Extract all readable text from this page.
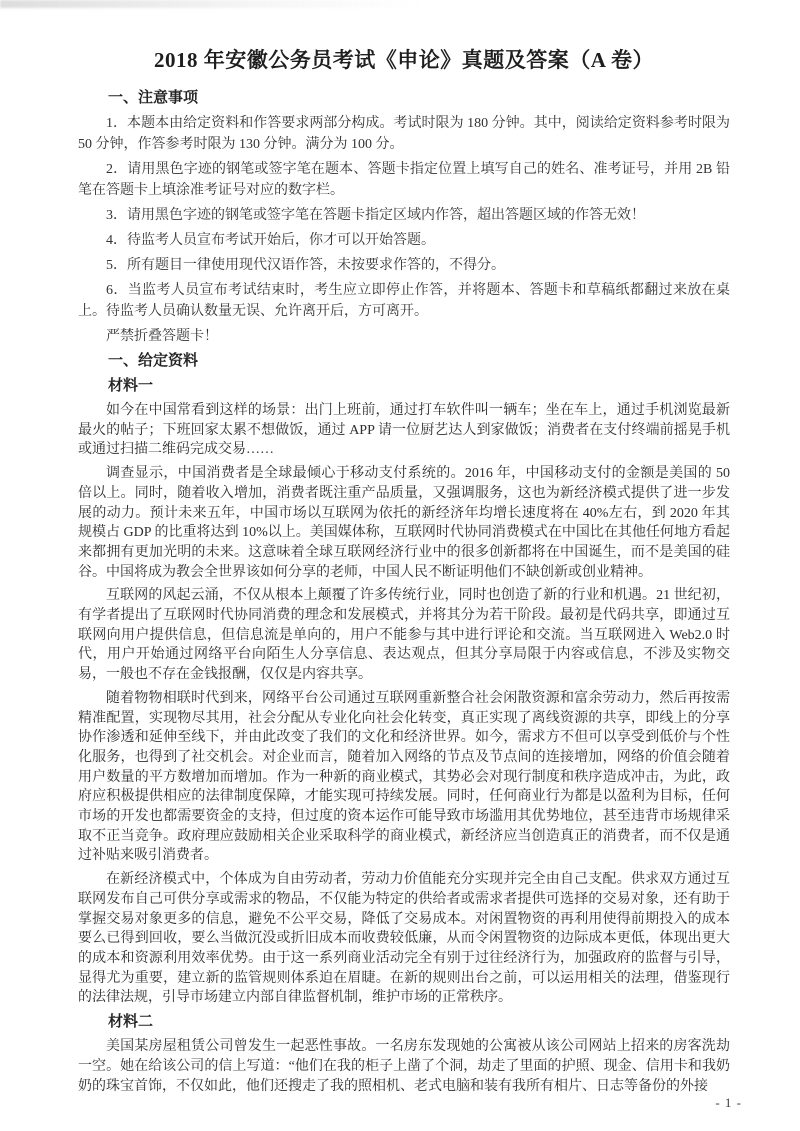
2018 年安徽公务员考试《申论》真题及答案（A 卷）
一、注意事项

1．本题本由给定资料和作答要求两部分构成。考试时限为 180 分钟。其中，阅读给定资料参考时限为 50 分钟，作答参考时限为 130 分钟。满分为 100 分。

2．请用黑色字迹的钢笔或签字笔在题本、答题卡指定位置上填写自己的姓名、准考证号，并用 2B 铅笔在答题卡上填涂准考证号对应的数字栏。

3．请用黑色字迹的钢笔或签字笔在答题卡指定区域内作答，超出答题区域的作答无效！

4．待监考人员宣布考试开始后，你才可以开始答题。

5．所有题目一律使用现代汉语作答，未按要求作答的，不得分。

6．当监考人员宣布考试结束时，考生应立即停止作答，并将题本、答题卡和草稿纸都翻过来放在桌上。待监考人员确认数量无误、允许离开后，方可离开。

严禁折叠答题卡！

一、给定资料
材料一

如今在中国常看到这样的场景：出门上班前，通过打车软件叫一辆车；坐在车上，通过手机浏览最新最火的帖子；下班回家太累不想做饭，通过 APP 请一位厨艺达人到家做饭；消费者在支付终端前摇晃手机或通过扫描二维码完成交易……

调查显示，中国消费者是全球最倾心于移动支付系统的。2016 年，中国移动支付的金额是美国的 50 倍以上。同时，随着收入增加，消费者既注重产品质量，又强调服务，这也为新经济模式提供了进一步发展的动力。预计未来五年，中国市场以互联网为依托的新经济年均增长速度将在 40%左右，到 2020 年其规模占 GDP 的比重将达到 10%以上。美国媒体称，互联网时代协同消费模式在中国比在其他任何地方看起来都拥有更加光明的未来。这意味着全球互联网经济行业中的很多创新都将在中国诞生，而不是美国的硅谷。中国将成为教会全世界该如何分享的老师，中国人民不断证明他们不缺创新或创业精神。

互联网的风起云涌，不仅从根本上颠覆了许多传统行业，同时也创造了新的行业和机遇。21 世纪初，有学者提出了互联网时代协同消费的理念和发展模式，并将其分为若干阶段。最初是代码共享，即通过互联网向用户提供信息，但信息流是单向的，用户不能参与其中进行评论和交流。当互联网进入 Web2.0 时代，用户开始通过网络平台向陌生人分享信息、表达观点，但其分享局限于内容或信息，不涉及实物交易，一般也不存在金钱报酬，仅仅是内容共享。

随着物物相联时代到来，网络平台公司通过互联网重新整合社会闲散资源和富余劳动力，然后再按需精准配置，实现物尽其用，社会分配从专业化向社会化转变，真正实现了离线资源的共享，即线上的分享协作渗透和延伸至线下，并由此改变了我们的文化和经济世界。如今，需求方不但可以享受到低价与个性化服务，也得到了社交机会。对企业而言，随着加入网络的节点及节点间的连接增加，网络的价值会随着用户数量的平方数增加而增加。作为一种新的商业模式，其势必会对现行制度和秩序造成冲击，为此，政府应积极提供相应的法律制度保障，才能实现可持续发展。同时，任何商业行为都是以盈利为目标，任何市场的开发也都需要资金的支持，但过度的资本运作可能导致市场滥用其优势地位，甚至违背市场规律采取不正当竞争。政府理应鼓励相关企业采取科学的商业模式，新经济应当创造真正的消费者，而不仅是通过补贴来吸引消费者。

在新经济模式中，个体成为自由劳动者，劳动力价值能充分实现并完全由自己支配。供求双方通过互联网发布自己可供分享或需求的物品，不仅能为特定的供给者或需求者提供可选择的交易对象，还有助于掌握交易对象更多的信息，避免不公平交易，降低了交易成本。对闲置物资的再利用使得前期投入的成本要么已得到回收，要么当做沉没或折旧成本而收费较低廉，从而令闲置物资的边际成本更低，体现出更大的成本和资源利用效率优势。由于这一系列商业活动完全有别于过往经济行为，加强政府的监督与引导，显得尤为重要，建立新的监管规则体系迫在眉睫。在新的规则出台之前，可以运用相关的法理，借鉴现行的法律法规，引导市场建立内部自律监督机制，维护市场的正常秩序。

材料二

美国某房屋租赁公司曾发生一起恶性事故。一名房东发现她的公寓被从该公司网站上招来的房客洗劫一空。她在给该公司的信上写道：“他们在我的柜子上凿了个洞，劫走了里面的护照、现金、信用卡和我奶奶的珠宝首饰，不仅如此，他们还搜走了我的照相机、老式电脑和装有我所有相片、日志等备份的外接

- 1 -
